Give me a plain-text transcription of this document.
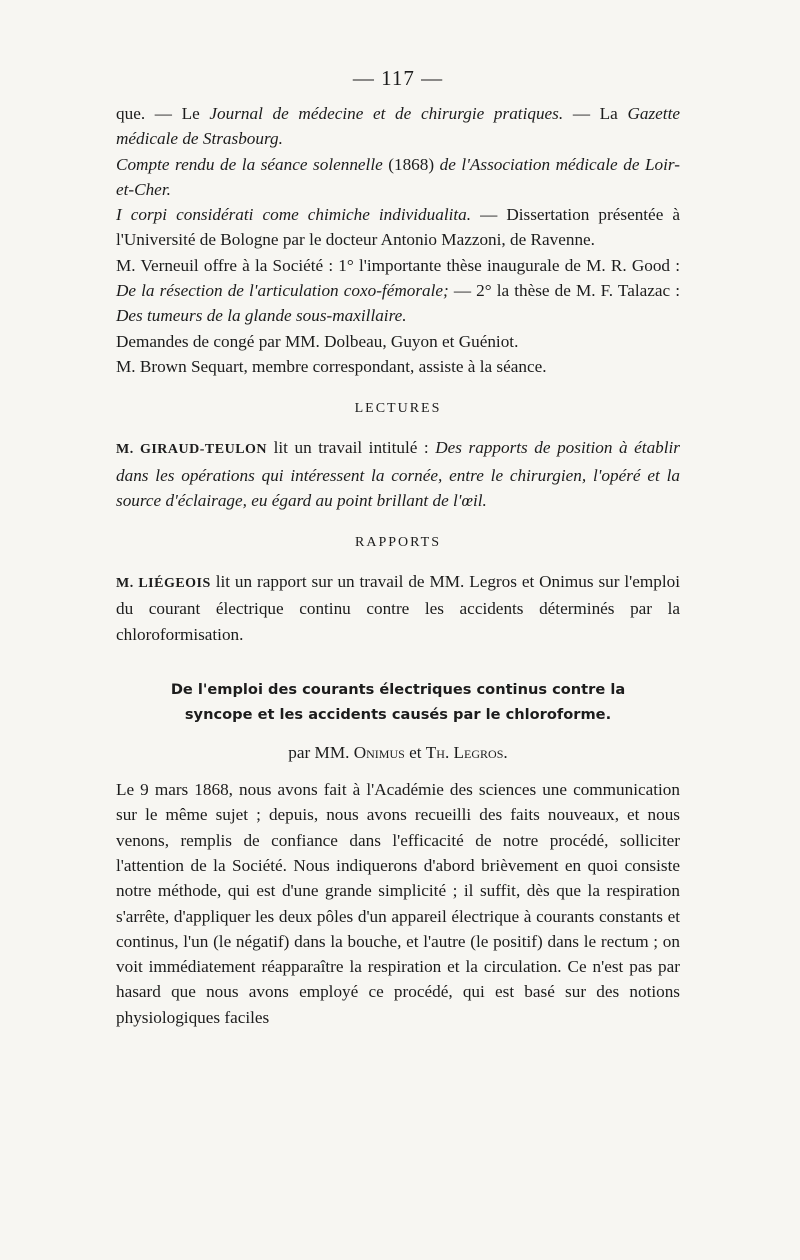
— 117 —

que. — Le Journal de médecine et de chirurgie pratiques. — La Gazette médicale de Strasbourg.

Compte rendu de la séance solennelle (1868) de l'Association médicale de Loir-et-Cher.

I corpi considérati come chimiche individualita. — Dissertation présentée à l'Université de Bologne par le docteur Antonio Mazzoni, de Ravenne.

M. Verneuil offre à la Société : 1° l'importante thèse inaugurale de M. R. Good : De la résection de l'articulation coxo-fémorale; — 2° la thèse de M. F. Talazac : Des tumeurs de la glande sous-maxillaire.

Demandes de congé par MM. Dolbeau, Guyon et Guéniot.

M. Brown Sequart, membre correspondant, assiste à la séance.

LECTURES

M. GIRAUD-TEULON lit un travail intitulé : Des rapports de position à établir dans les opérations qui intéressent la cornée, entre le chirurgien, l'opéré et la source d'éclairage, eu égard au point brillant de l'œil.

RAPPORTS

M. LIÉGEOIS lit un rapport sur un travail de MM. Legros et Onimus sur l'emploi du courant électrique continu contre les accidents déterminés par la chloroformisation.

De l'emploi des courants électriques continus contre la
syncope et les accidents causés par le chloroforme.
par MM. Onimus et Th. Legros.

Le 9 mars 1868, nous avons fait à l'Académie des sciences une communication sur le même sujet ; depuis, nous avons recueilli des faits nouveaux, et nous venons, remplis de confiance dans l'efficacité de notre procédé, solliciter l'attention de la Société. Nous indiquerons d'abord brièvement en quoi consiste notre méthode, qui est d'une grande simplicité ; il suffit, dès que la respiration s'arrête, d'appliquer les deux pôles d'un appareil électrique à courants constants et continus, l'un (le négatif) dans la bouche, et l'autre (le positif) dans le rectum ; on voit immédiatement réapparaître la respiration et la circulation. Ce n'est pas par hasard que nous avons employé ce procédé, qui est basé sur des notions physiologiques faciles
